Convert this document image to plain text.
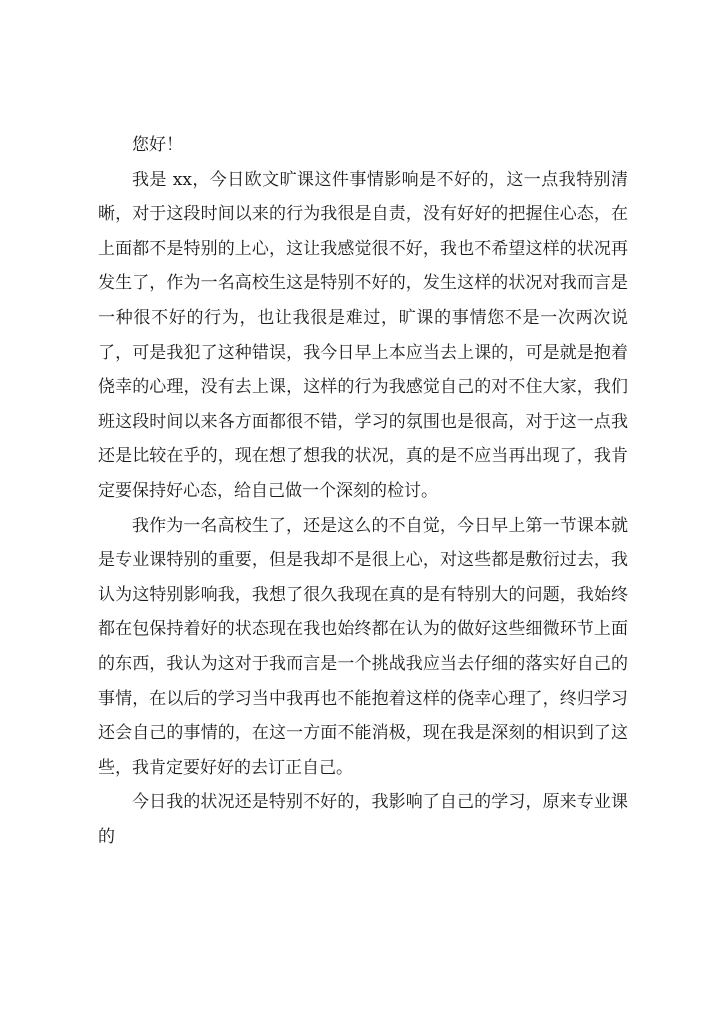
您好！

我是 xx，今日欧文旷课这件事情影响是不好的，这一点我特别清晰，对于这段时间以来的行为我很是自责，没有好好的把握住心态，在上面都不是特别的上心，这让我感觉很不好，我也不希望这样的状况再发生了，作为一名高校生这是特别不好的，发生这样的状况对我而言是一种很不好的行为，也让我很是难过，旷课的事情您不是一次两次说了，可是我犯了这种错误，我今日早上本应当去上课的，可是就是抱着侥幸的心理，没有去上课，这样的行为我感觉自己的对不住大家，我们班这段时间以来各方面都很不错，学习的氛围也是很高，对于这一点我还是比较在乎的，现在想了想我的状况，真的是不应当再出现了，我肯定要保持好心态，给自己做一个深刻的检讨。

我作为一名高校生了，还是这么的不自觉，今日早上第一节课本就是专业课特别的重要，但是我却不是很上心，对这些都是敷衍过去，我认为这特别影响我，我想了很久我现在真的是有特别大的问题，我始终都在包保持着好的状态现在我也始终都在认为的做好这些细微环节上面的东西，我认为这对于我而言是一个挑战我应当去仔细的落实好自己的事情，在以后的学习当中我再也不能抱着这样的侥幸心理了，终归学习还会自己的事情的，在这一方面不能消极，现在我是深刻的相识到了这些，我肯定要好好的去订正自己。

今日我的状况还是特别不好的，我影响了自己的学习，原来专业课的
